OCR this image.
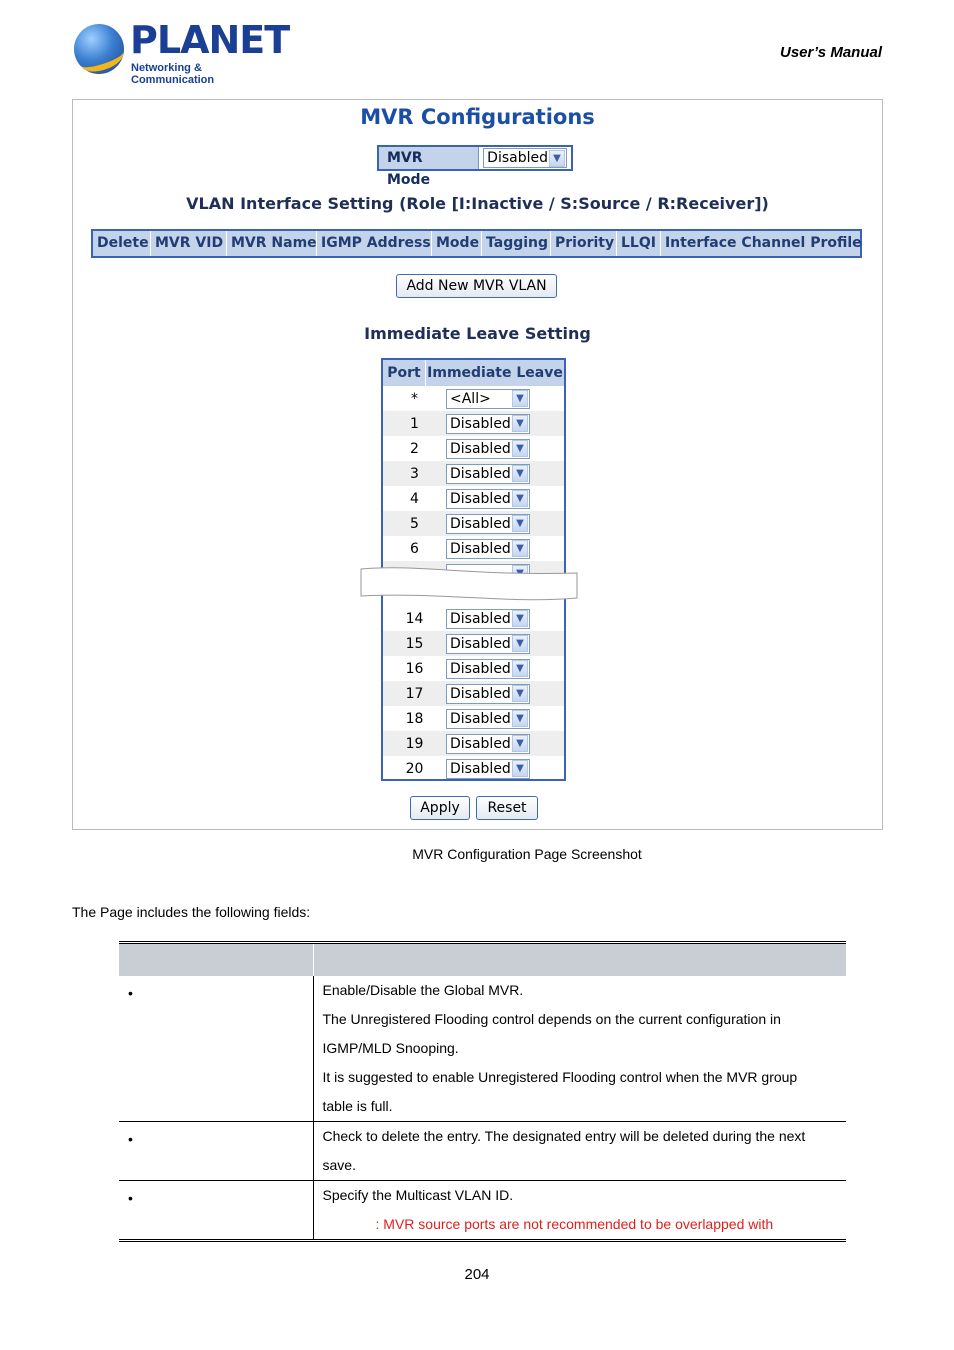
PLANET
Networking & Communication
User’s Manual
MVR Configurations
MVR Mode
Disabled ▼
VLAN Interface Setting (Role [I:Inactive / S:Source / R:Receiver])
Delete MVR VID MVR Name IGMP Address Mode Tagging Priority LLQI Interface Channel Profile
Add New MVR VLAN
Immediate Leave Setting
Port Immediate Leave
*	<All>	▼
1	Disabled ▼
2	Disabled ▼
3	Disabled ▼
4	Disabled ▼
5	Disabled ▼
6	Disabled ▼
14	Disabled ▼
15	Disabled ▼
16	Disabled ▼
17	Disabled ▼
18	Disabled ▼
19	Disabled ▼
20	Disabled ▼
Apply	Reset
MVR Configuration Page Screenshot
The Page includes the following fields:

•	Enable/Disable the Global MVR.

The Unregistered Flooding control depends on the current configuration in

IGMP/MLD Snooping.

It is suggested to enable Unregistered Flooding control when the MVR group

table is full.

•	Check to delete the entry. The designated entry will be deleted during the next

save.

•	Specify the Multicast VLAN ID.

: MVR source ports are not recommended to be overlapped with

204
